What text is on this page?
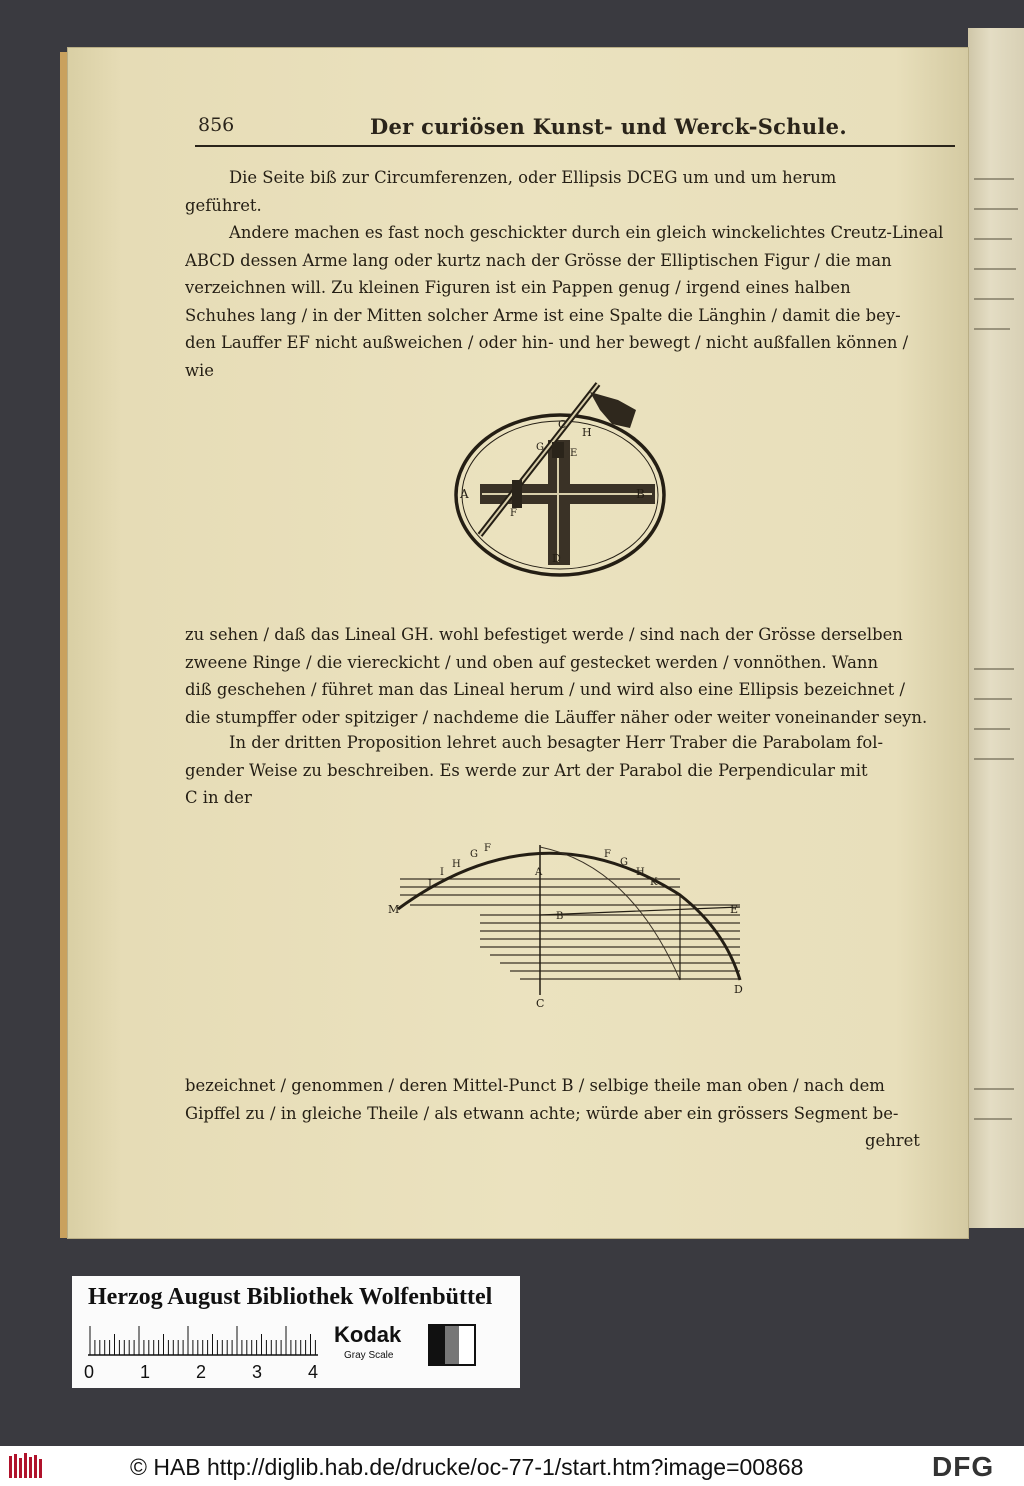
856	Der curiösen Kunst- und Werck-Schule.
Die Seite biß zur Circumferenzen, oder Ellipsis DCEG um und um herum
geführet.
Andere machen es fast noch geschickter durch ein gleich winckelichtes Creutz-Lineal
ABCD dessen Arme lang oder kurtz nach der Grösse der Elliptischen Figur / die man
verzeichnen will. Zu kleinen Figuren ist ein Pappen genug / irgend eines halben
Schuhes lang / in der Mitten solcher Arme ist eine Spalte die Länghin / damit die bey-
den Lauffer EF nicht außweichen / oder hin- und her bewegt / nicht außfallen können /
wie
C
H
G
E
A	B
F
D
zu sehen / daß das Lineal GH. wohl befestiget werde / sind nach der Grösse derselben
zweene Ringe / die viereckicht / und oben auf gestecket werden / vonnöthen. Wann
diß geschehen / führet man das Lineal herum / und wird also eine Ellipsis bezeichnet /
die stumpffer oder spitziger / nachdeme die Läuffer näher oder weiter voneinander seyn.
In der dritten Proposition lehret auch besagter Herr Traber die Parabolam fol-
gender Weise zu beschreiben. Es werde zur Art der Parabol die Perpendicular mit
C in der
M
L
I
H
G
F
A
B
C
F
G
H
K
E
D
bezeichnet / genommen / deren Mittel-Punct B / selbige theile man oben / nach dem
Gipffel zu / in gleiche Theile / als etwann achte; würde aber ein grössers Segment be-
gehret
Herzog August Bibliothek Wolfenbüttel
0	1	2	3	4
Kodak
Gray Scale
© HAB http://diglib.hab.de/drucke/oc-77-1/start.htm?image=00868	DFG
